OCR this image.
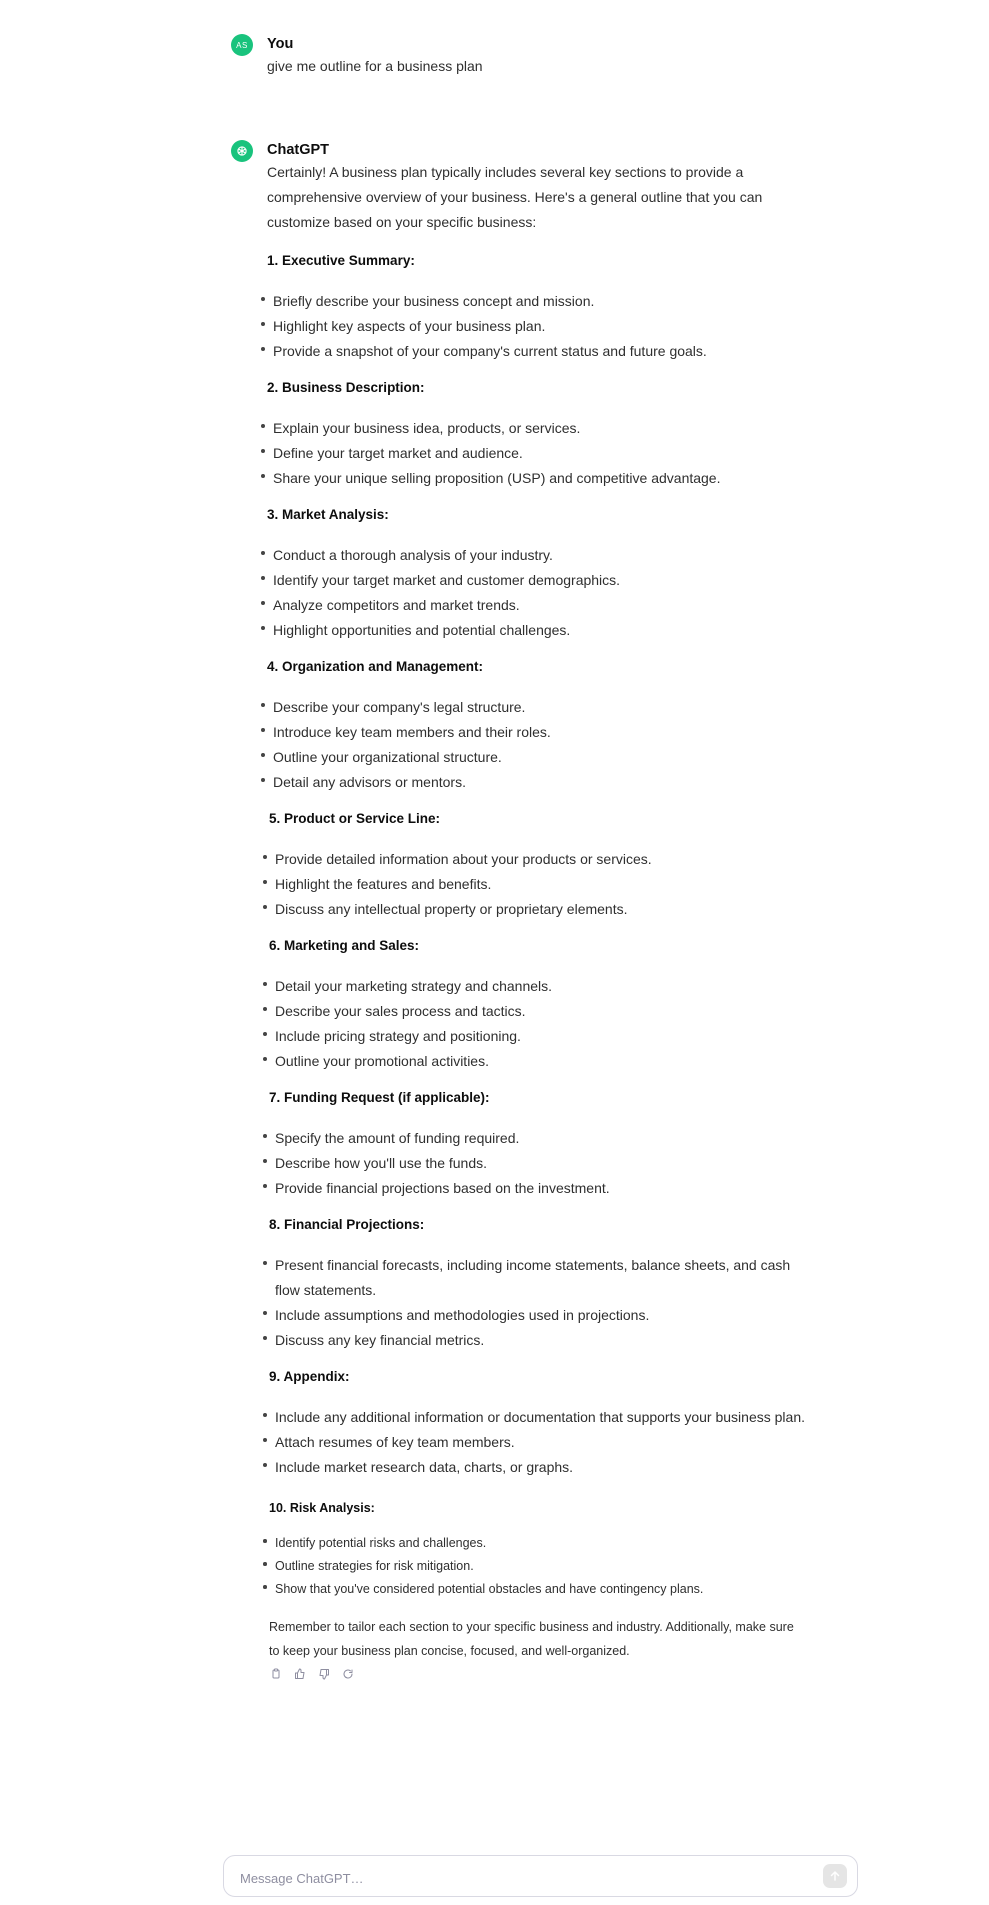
AS	You
give me outline for a business plan
ChatGPT

Certainly! A business plan typically includes several key sections to provide a comprehensive overview of your business. Here's a general outline that you can customize based on your specific business:

1. Executive Summary:

Briefly describe your business concept and mission.
Highlight key aspects of your business plan.
Provide a snapshot of your company's current status and future goals.

2. Business Description:

Explain your business idea, products, or services.
Define your target market and audience.
Share your unique selling proposition (USP) and competitive advantage.

3. Market Analysis:

Conduct a thorough analysis of your industry.
Identify your target market and customer demographics.
Analyze competitors and market trends.
Highlight opportunities and potential challenges.

4. Organization and Management:

Describe your company's legal structure.
Introduce key team members and their roles.
Outline your organizational structure.
Detail any advisors or mentors.

5. Product or Service Line:

Provide detailed information about your products or services.
Highlight the features and benefits.
Discuss any intellectual property or proprietary elements.

6. Marketing and Sales:

Detail your marketing strategy and channels.
Describe your sales process and tactics.
Include pricing strategy and positioning.
Outline your promotional activities.

7. Funding Request (if applicable):

Specify the amount of funding required.
Describe how you'll use the funds.
Provide financial projections based on the investment.

8. Financial Projections:

Present financial forecasts, including income statements, balance sheets, and cash flow statements.
Include assumptions and methodologies used in projections.
Discuss any key financial metrics.

9. Appendix:

Include any additional information or documentation that supports your business plan.
Attach resumes of key team members.
Include market research data, charts, or graphs.

10. Risk Analysis:

Identify potential risks and challenges.
Outline strategies for risk mitigation.
Show that you've considered potential obstacles and have contingency plans.

Remember to tailor each section to your specific business and industry. Additionally, make sure to keep your business plan concise, focused, and well-organized.

Message ChatGPT…
